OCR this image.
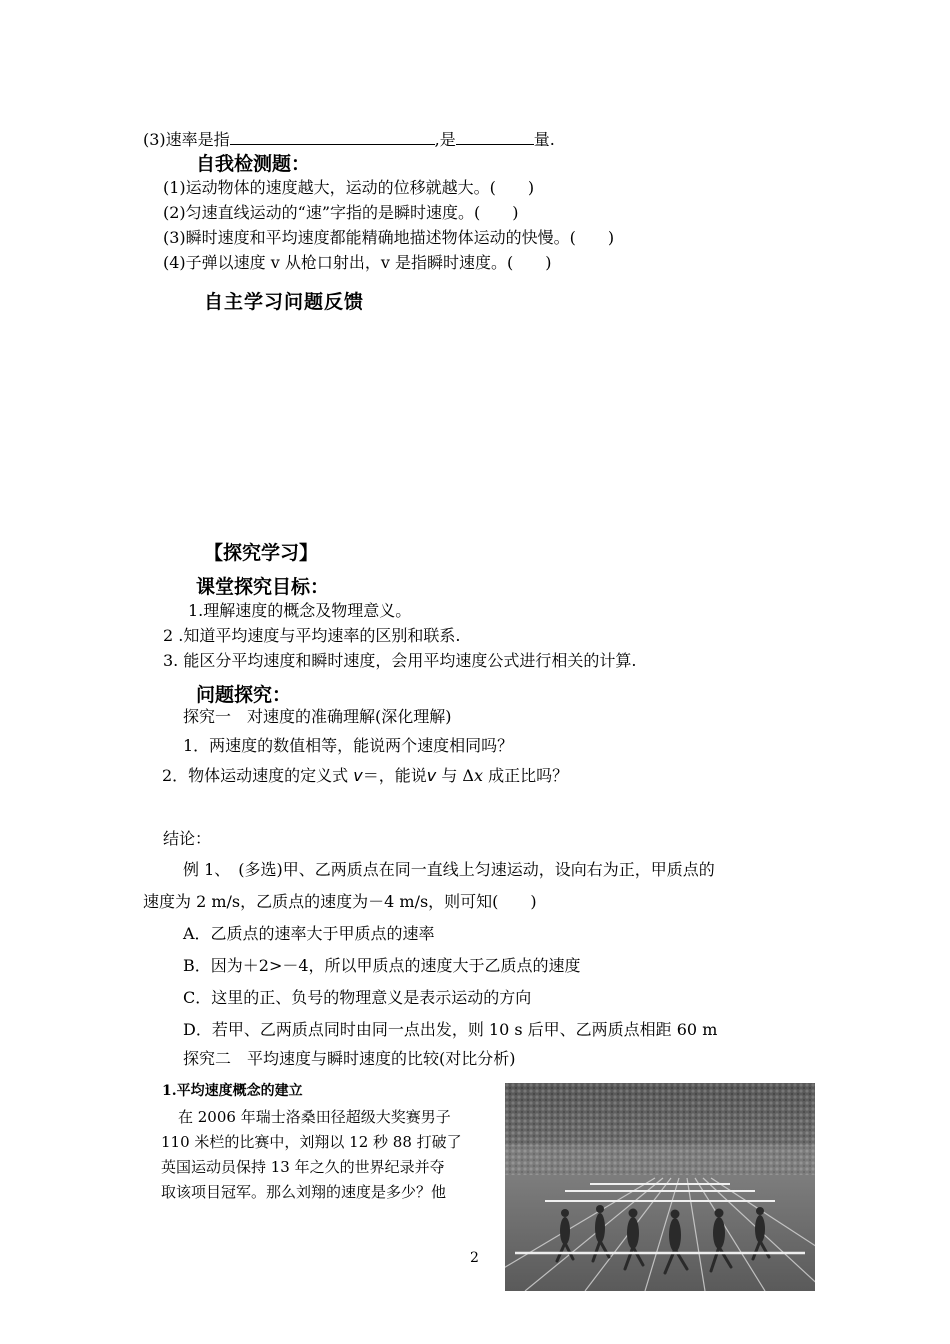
(3)速率是指	,是	量.
自我检测题：
(1)运动物体的速度越大，运动的位移就越大。(　　)
(2)匀速直线运动的“速”字指的是瞬时速度。(　　)
(3)瞬时速度和平均速度都能精确地描述物体运动的快慢。(　　)
(4)子弹以速度 v 从枪口射出，v 是指瞬时速度。(　　)
自主学习问题反馈
【探究学习】
课堂探究目标：
1.理解速度的概念及物理意义。
2 .知道平均速度与平均速率的区别和联系.
3. 能区分平均速度和瞬时速度，会用平均速度公式进行相关的计算.
问题探究：
探究一　对速度的准确理解(深化理解)
1．两速度的数值相等，能说两个速度相同吗？
2．物体运动速度的定义式 v＝，能说v 与 Δx 成正比吗？
结论：
例 1、　(多选)甲、乙两质点在同一直线上匀速运动，设向右为正，甲质点的
速度为 2 m/s，乙质点的速度为－4 m/s，则可知(　　)
A．乙质点的速率大于甲质点的速率
B．因为＋2>－4，所以甲质点的速度大于乙质点的速度
C．这里的正、负号的物理意义是表示运动的方向
D．若甲、乙两质点同时由同一点出发，则 10 s 后甲、乙两质点相距 60 m
探究二　平均速度与瞬时速度的比较(对比分析)
1.平均速度概念的建立
在 2006 年瑞士洛桑田径超级大奖赛男子
110 米栏的比赛中，刘翔以 12 秒 88 打破了
英国运动员保持 13 年之久的世界纪录并夺
取该项目冠军。那么刘翔的速度是多少？他
2
